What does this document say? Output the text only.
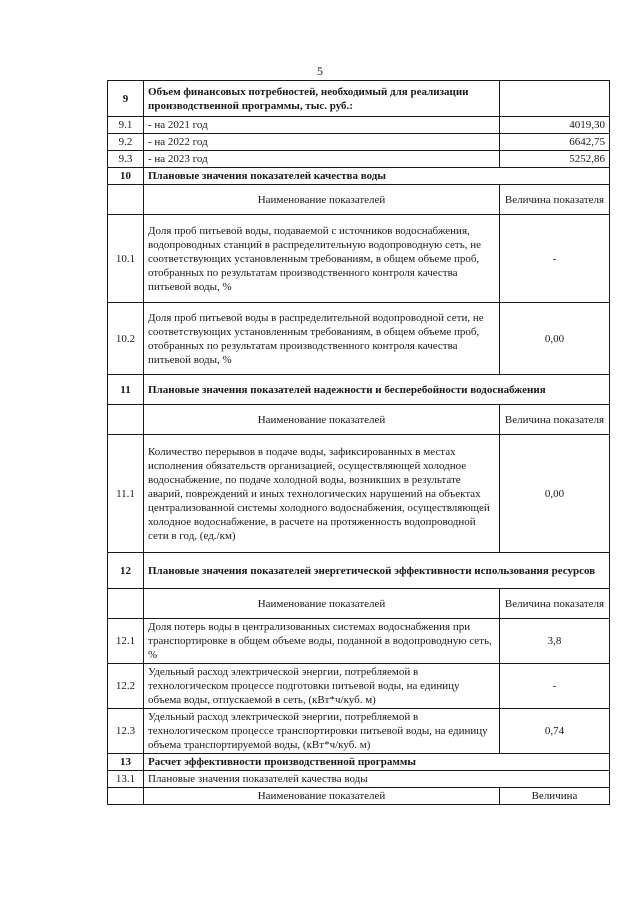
5
9	Объем финансовых потребностей, необходимый для реализации производственной программы, тыс. руб.:	
9.1	- на 2021 год	4019,30
9.2	- на 2022 год	6642,75
9.3	- на 2023 год	5252,86
10	Плановые значения показателей качества воды	
	Наименование показателей	Величина показателя
10.1	Доля проб питьевой воды, подаваемой с источников водоснабжения, водопроводных станций в распределительную водопроводную сеть, не соответствующих установленным требованиям, в общем объеме проб, отобранных по результатам производственного контроля качества питьевой воды, %	-
10.2	Доля проб питьевой воды в распределительной водопроводной сети, не соответствующих установленным требованиям, в общем объеме проб, отобранных по результатам производственного контроля качества питьевой воды, %	0,00
11	Плановые значения показателей надежности и бесперебойности водоснабжения	
	Наименование показателей	Величина показателя
11.1	Количество перерывов в подаче воды, зафиксированных в местах исполнения обязательств организацией, осуществляющей холодное водоснабжение, по подаче холодной воды, возникших в результате аварий, повреждений и иных технологических нарушений на объектах централизованной системы холодного водоснабжения, осуществляющей холодное водоснабжение, в расчете на протяженность водопроводной сети в год, (ед./км)	0,00
12	Плановые значения показателей энергетической эффективности использования ресурсов	
	Наименование показателей	Величина показателя
12.1	Доля потерь воды в централизованных системах водоснабжения при транспортировке в общем объеме воды, поданной в водопроводную сеть, %	3,8
12.2	Удельный расход электрической энергии, потребляемой в технологическом процессе подготовки питьевой воды, на единицу объема воды, отпускаемой в сеть, (кВт*ч/куб. м)	-
12.3	Удельный расход электрической энергии, потребляемой в технологическом процессе транспортировки питьевой воды, на единицу объема транспортируемой воды, (кВт*ч/куб. м)	0,74
13	Расчет эффективности производственной программы	
13.1	Плановые значения показателей качества воды	
	Наименование показателей	Величина
